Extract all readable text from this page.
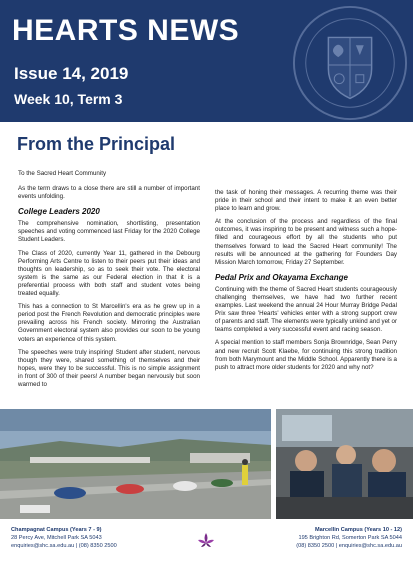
HEARTS NEWS
Issue 14, 2019
Week 10, Term 3
From the Principal

To the Sacred Heart Community

As the term draws to a close there are still a number of important events unfolding.

College Leaders 2020

The comprehensive nomination, shortlisting, presentation speeches and voting commenced last Friday for the 2020 College Student Leaders.

The Class of 2020, currently Year 11, gathered in the Debourg Performing Arts Centre to listen to their peers put their ideas and thoughts on leadership, so as to seek their vote. The electoral system is the same as our Federal election in that it is a preferential process with both staff and student votes being treated equally.

This has a connection to St Marcellin's era as he grew up in a period post the French Revolution and democratic principles were prevailing across his French society. Mirroring the Australian Government electoral system also provides our soon to be young voters an experience of this system.

The speeches were truly inspiring! Student after student, nervous though they were, shared something of themselves and their hopes, were they to be successful. This is no simple assignment in front of 300 of their peers! A number began nervously but soon warmed to

the task of honing their messages. A recurring theme was their pride in their school and their intent to make it an even better place to learn and grow.

At the conclusion of the process and regardless of the final outcomes, it was inspiring to be present and witness such a hope-filled and courageous effort by all the students who put themselves forward to lead the Sacred Heart community! The results will be announced at the gathering for Founders Day Mission March tomorrow, Friday 27 September.

Pedal Prix and Okayama Exchange

Continuing with the theme of Sacred Heart students courageously challenging themselves, we have had two further recent examples. Last weekend the annual 24 Hour Murray Bridge Pedal Prix saw three 'Hearts' vehicles enter with a strong support crew of parents and staff. The elements were typically unkind and yet or teams completed a very successful event and racing season.

A special mention to staff members Sonja Brownridge, Sean Perry and new recruit Scott Klaebe, for continuing this strong tradition from both Marymount and the Middle School. Apparently there is a push to attract more older students for 2020 and why not?

Champagnat Campus (Years 7 - 9)
28 Percy Ave, Mitchell Park SA 5043
enquiries@shc.sa.edu.au | (08) 8350 2500
Marcellin Campus (Years 10 - 12)
195 Brighton Rd, Somerton Park SA 5044
(08) 8350 2500 | enquiries@shc.sa.edu.au
